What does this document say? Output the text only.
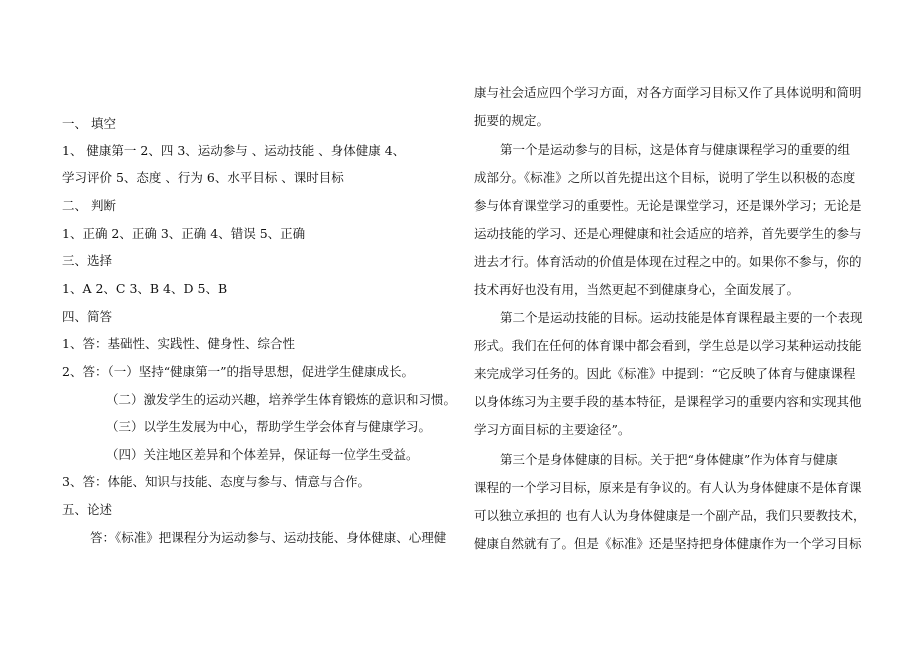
一、 填空
1、 健康第一 2、四 3、运动参与 、运动技能 、身体健康 4、
学习评价 5、态度 、行为 6、水平目标 、课时目标
二、 判断
1、正确 2、正确 3、正确 4、错误 5、正确
三、选择
1、A 2、C 3、B 4、D 5、B
四、简答
1、答：基础性、实践性、健身性、综合性
2、答：（一）坚持“健康第一”的指导思想，促进学生健康成长。
（二）激发学生的运动兴趣，培养学生体育锻炼的意识和习惯。
（三）以学生发展为中心，帮助学生学会体育与健康学习。
（四）关注地区差异和个体差异，保证每一位学生受益。
3、答：体能、知识与技能、态度与参与、情意与合作。
五、论述
答：《标准》把课程分为运动参与、运动技能、身体健康、心理健
康与社会适应四个学习方面，对各方面学习目标又作了具体说明和简明
扼要的规定。
第一个是运动参与的目标，这是体育与健康课程学习的重要的组
成部分。《标准》之所以首先提出这个目标，说明了学生以积极的态度
参与体育课堂学习的重要性。无论是课堂学习，还是课外学习；无论是
运动技能的学习、还是心理健康和社会适应的培养，首先要学生的参与
进去才行。体育活动的价值是体现在过程之中的。如果你不参与，你的
技术再好也没有用，当然更起不到健康身心，全面发展了。
第二个是运动技能的目标。运动技能是体育课程最主要的一个表现
形式。我们在任何的体育课中都会看到，学生总是以学习某种运动技能
来完成学习任务的。因此《标准》中提到：“它反映了体育与健康课程
以身体练习为主要手段的基本特征，是课程学习的重要内容和实现其他
学习方面目标的主要途径”。
第三个是身体健康的目标。关于把“身体健康”作为体育与健康
课程的一个学习目标，原来是有争议的。有人认为身体健康不是体育课
可以独立承担的 也有人认为身体健康是一个副产品，我们只要教技术，
健康自然就有了。但是《标准》还是坚持把身体健康作为一个学习目标
